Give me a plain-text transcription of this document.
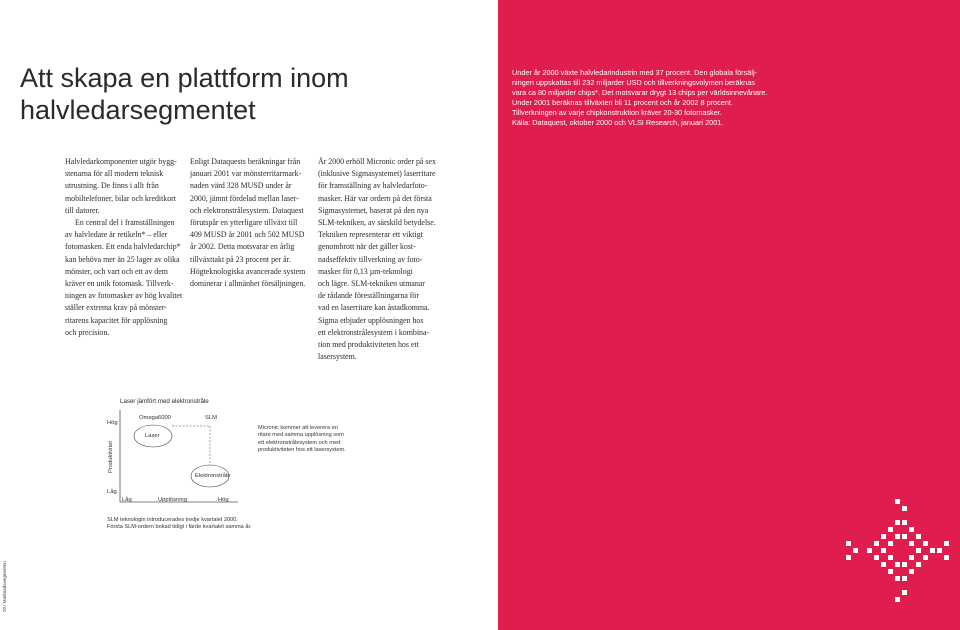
Att skapa en plattform inom
halvledarsegmentet
Under år 2000 växte halvledarindustrin med 37 procent. Den globala försälj-
ningen uppskattas till 232 miljarder USD och tillverkningsvolymen beräknas
vara ca 80 miljarder chips*. Det motsvarar drygt 13 chips per världsinnevånare.
Under 2001 beräknas tillväxten bli 11 procent och år 2002 8 procent.
Tillverkningen av varje chipkonstruktion kräver 20-30 fotomasker.
Källa: Dataquest, oktober 2000 och VLSI Research, januari 2001.
Halvledarkomponenter utgör bygg-
stenarna för all modern teknisk
utrustning. De finns i allt från
mobiltelefoner, bilar och kreditkort
till datorer.
En central del i framställningen
av halvledare är retikeln* – eller
fotomasken. Ett enda halvledarchip*
kan behöva mer än 25 lager av olika
mönster, och vart och ett av dem
kräver en unik fotomask. Tillverk-
ningen av fotomasker av hög kvalitet
ställer extrema krav på mönster-
ritarens kapacitet för upplösning
och precision.
Enligt Dataquests beräkningar från
januari 2001 var mönsterritarmark-
naden värd 328 MUSD under år
2000, jämnt fördelad mellan laser-
och elektronstrålesystem. Dataquest
förutspår en ytterligare tillväxt till
409 MUSD år 2001 och 502 MUSD
år 2002. Detta motsvarar en årlig
tillväxttakt på 23 procent per år.
Högteknologiska avancerade system
dominerar i allmänhet försäljningen.
År 2000 erhöll Micronic order på sex
(inklusive Sigmasystemet) laserritare
för framställning av halvledarfoto-
masker. Här var ordern på det första
Sigmasystemet, baserat på den nya
SLM-tekniken, av särskild betydelse.
Tekniken representerar ett viktigt
genombrott när det gäller kost-
nadseffektiv tillverkning av foto-
masker för 0,13 µm-teknologi
och lägre. SLM-tekniken utmanar
de rådande föreställningarna för
vad en laserritare kan åstadkomma.
Sigma etbjuder upplösningen hos
ett elektronstrålesystem i kombina-
tion med produktiviteten hos ett
lasersystem.
Laser jämfört med elektronstråle
Hög
Låg
Produktivitet
Låg	Upplösning	Hög
Omega6000	SLM
Laser
Elektronstråle
Micronic kommer att leverera en
ritare med samma upplösning som
ett elektronstrålesystem och med
produktiviteten hos ett lasersystem.
SLM teknologin introducerades tredje kvartalet 2000.
Första SLM-ordern bokad tidigt i färde kvartalet samma år.
20 / Marknadssegmenten
